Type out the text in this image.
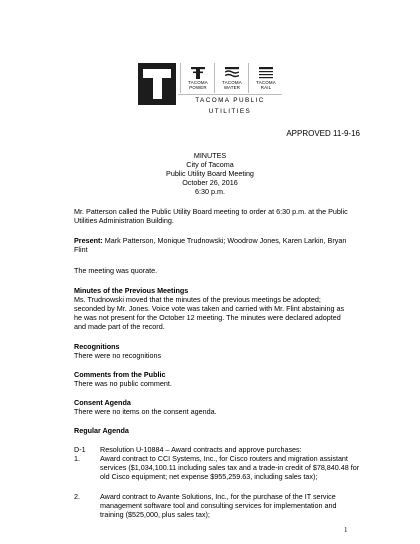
TACOMA
POWER
TACOMA
WATER
TACOMA
RAIL
TACOMA PUBLIC UTILITIES
APPROVED 11-9-16
MINUTES
City of Tacoma
Public Utility Board Meeting
October 26, 2016
6:30 p.m.
Mr. Patterson called the Public Utility Board meeting to order at 6:30 p.m. at the Public Utilities Administration Building.
Present: Mark Patterson, Monique Trudnowski; Woodrow Jones, Karen Larkin, Bryan Flint
The meeting was quorate.
Minutes of the Previous Meetings
Ms. Trudnowski moved that the minutes of the previous meetings be adopted; seconded by Mr. Jones. Voice vote was taken and carried with Mr. Flint abstaining as he was not present for the October 12 meeting. The minutes were declared adopted and made part of the record.
Recognitions
There were no recognitions
Comments from the Public
There was no public comment.
Consent Agenda
There were no items on the consent agenda.
Regular Agenda
D-1 Resolution U-10884 – Award contracts and approve purchases:
1.	Award contract to CCI Systems, Inc., for Cisco routers and migration assistant services ($1,034,100.11 including sales tax and a trade-in credit of $78,840.48 for old Cisco equipment; net expense $955,259.63, including sales tax);
2.	Award contract to Avante Solutions, Inc., for the purchase of the IT service management software tool and consulting services for implementation and training ($525,000, plus sales tax);
1
